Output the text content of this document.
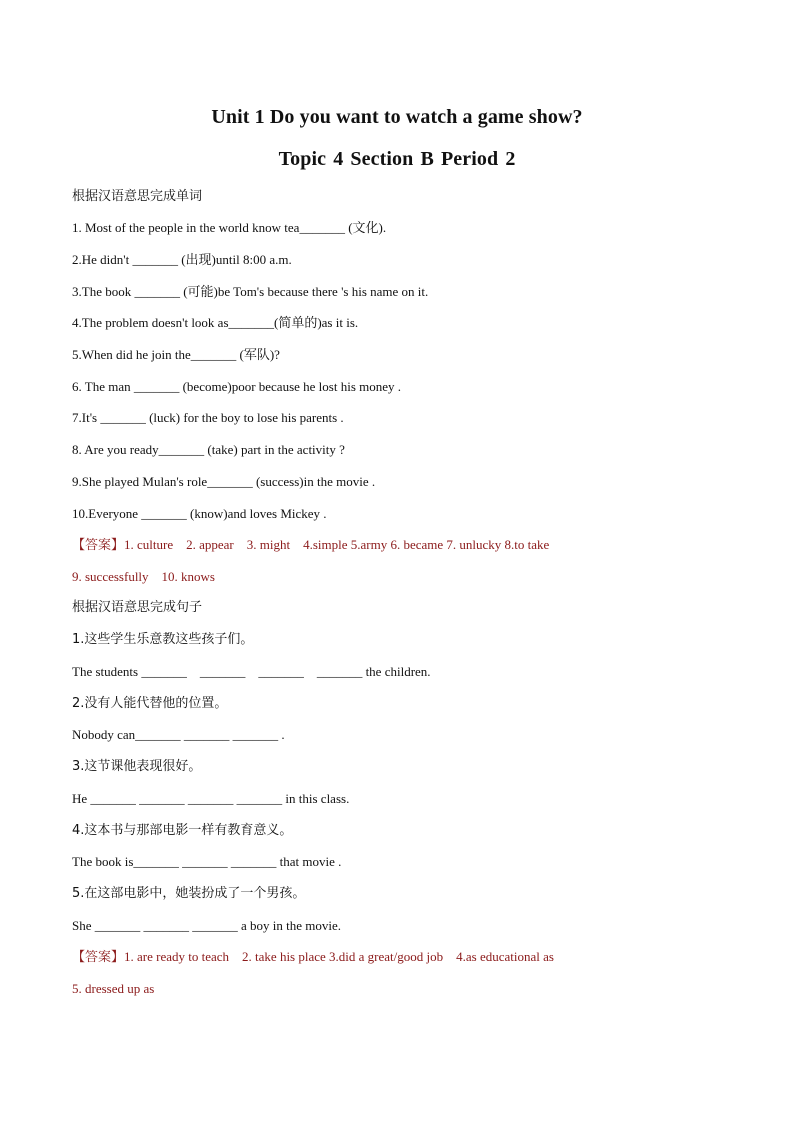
Unit 1 Do you want to watch a game show?
Topic 4 Section B Period 2
根据汉语意思完成单词
1. Most of the people in the world know tea_______ (文化).
2.He didn't _______ (出现)until 8:00 a.m.
3.The book _______ (可能)be Tom's because there 's his name on it.
4.The problem doesn't look as_______(简单的)as it is.
5.When did he join the_______ (军队)?
6. The man _______ (become)poor because he lost his money .
7.It's _______ (luck) for the boy to lose his parents .
8. Are you ready_______ (take) part in the activity ?
9.She played Mulan's role_______ (success)in the movie .
10.Everyone _______ (know)and loves Mickey .
【答案】1. culture    2. appear    3. might    4.simple 5.army 6. became 7. unlucky 8.to take
9. successfully    10. knows
根据汉语意思完成句子
1.这些学生乐意教这些孩子们。
The students _______    _______    _______    _______ the children.
2.没有人能代替他的位置。
Nobody can_______ _______ _______ .
3.这节课他表现很好。
He _______ _______ _______ _______ in this class.
4.这本书与那部电影一样有教育意义。
The book is_______ _______ _______ that movie .
5.在这部电影中，她装扮成了一个男孩。
She _______ _______ _______ a boy in the movie.
【答案】1. are ready to teach    2. take his place 3.did a great/good job    4.as educational as
5. dressed up as
